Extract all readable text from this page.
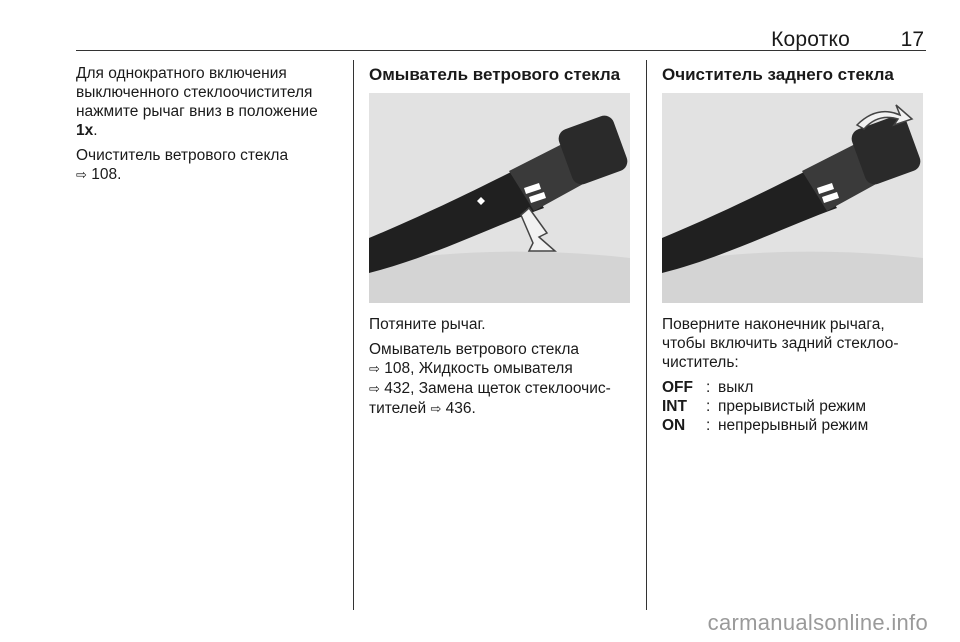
Коротко 17

Для однократного включения
выключенного стеклоочистителя
нажмите рычаг вниз в положение
1x.

Очиститель ветрового стекла
⇨ 108.

Омыватель ветрового стекла

Потяните рычаг.

Омыватель ветрового стекла
⇨ 108, Жидкость омывателя
⇨ 432, Замена щеток стеклоочис-
тителей ⇨ 436.

Очиститель заднего стекла

Поверните наконечник рычага,
чтобы включить задний стеклоо-
чиститель:

OFF	:	выкл
INT	:	прерывистый режим
ON	:	непрерывный режим
carmanualsonline.info
